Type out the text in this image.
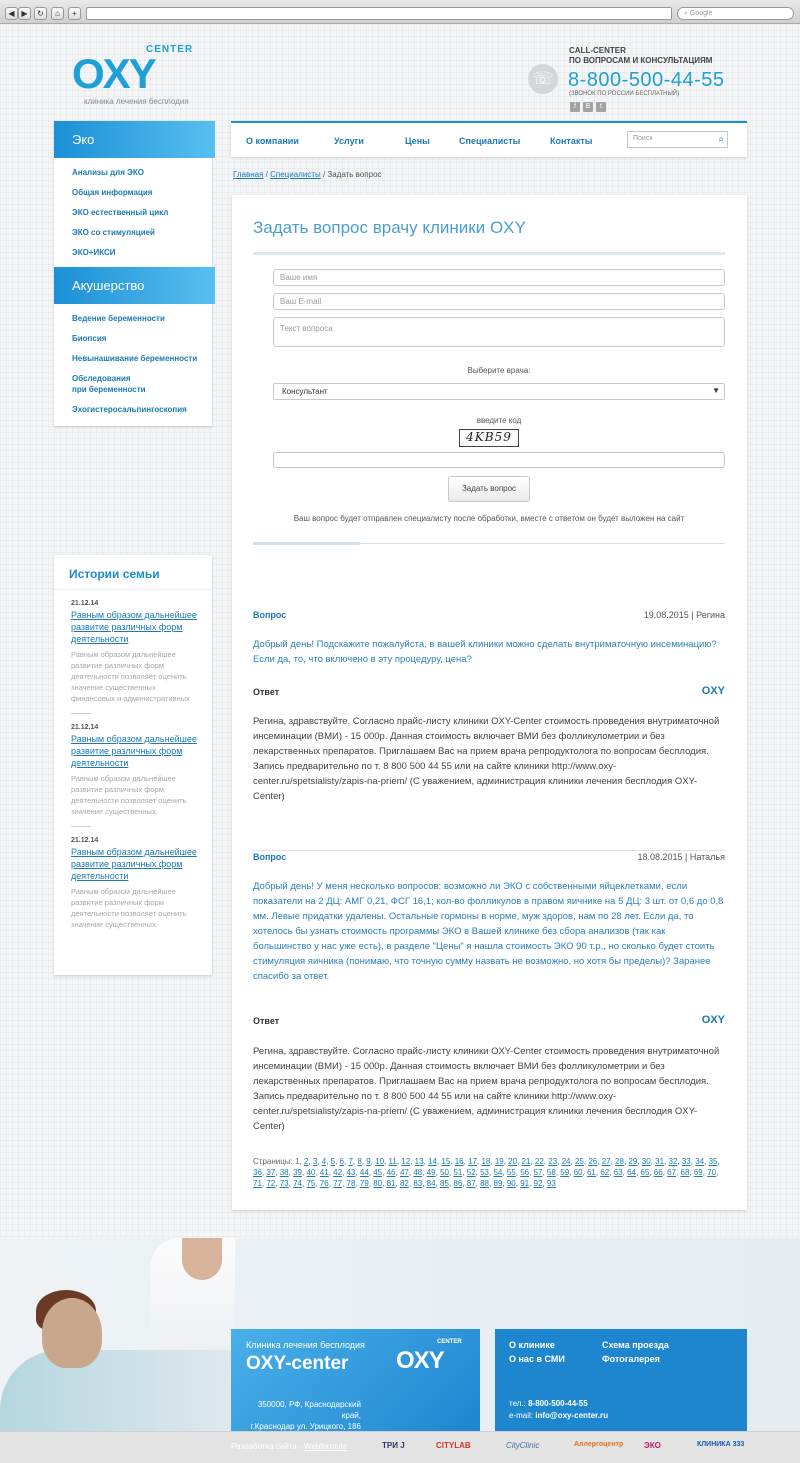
◀ ▶	↻	⌂	+	⌕ Google
OXY
CENTER
клиника лечения бесплодия
☏
CALL-CENTER
ПО ВОПРОСАМ И КОНСУЛЬТАЦИЯМ
8-800-500-44-55
(ЗВОНОК ПО РОССИИ БЕСПЛАТНЫЙ)
f	В	t
О компании	Услуги	Цены	Специалисты	Контакты	Поиск	⌕
Главная / Специалисты / Задать вопрос
Эко
Анализы для ЭКО
Общая информация
ЭКО естественный цикл
ЭКО со стимуляцией
ЭКО+ИКСИ
Акушерство
Ведение беременности
Биопсия
Невынашивание беременности
Обследования
при беременности
Эхогистеросальпингоскопия
Истории семьи
21.12.14
Равным образом дальнейшее развитие различных форм деятельности
Равным образом дальнейшее развитие различных форм деятельности позволяет оценить значение существенных финансовых и административных
21.12.14
Равным образом дальнейшее развитие различных форм деятельности
Равным образом дальнейшее развитие различных форм деятельности позволяет оценить значение существенных.
21.12.14
Равным образом дальнейшее развитие различных форм деятельности
Равным образом дальнейшее развитие различных форм деятельности позволяет оценить значение существенных.
Задать вопрос врачу клиники OXY
Ваше имя
Ваш E-mail
Текст вопроса
Выберите врача:
Консультант	▼
введите код
4KB59
Задать вопрос
Ваш вопрос будет отправлен специалисту после обработки, вместе с ответом он будет выложен на сайт
Вопрос	19.08.2015 | Регина
Добрый день! Подскажите пожалуйста, в вашей клиники можно сделать внутриматочную инсеминацию? Если да, то, что включено в эту процедуру, цена?
Ответ	OXY
Регина, здравствуйте. Согласно прайс-листу клиники OXY-Center стоимость проведения внутриматочной инсеминации (ВМИ) - 15 000р. Данная стоимость включает ВМИ без фолликулометрии и без лекарственных препаратов. Приглашаем Вас на прием врача репродуктолога по вопросам бесплодия. Запись предварительно по т. 8 800 500 44 55 или на сайте клиники http://www.oxy-center.ru/spetsialisty/zapis-na-priem/ (С уважением, администрация клиники лечения бесплодия OXY-Center)
Вопрос	18.08.2015 | Наталья
Добрый день! У меня несколько вопросов: возможно ли ЭКО с собственными яйцеклетками, если показатели на 2 ДЦ: АМГ 0,21, ФСГ 16,1; кол-во фолликулов в правом яичнике на 5 ДЦ: 3 шт. от 0,6 до 0,8 мм. Левые придатки удалены. Остальные гормоны в норме, муж здоров, нам по 28 лет. Если да, то хотелось бы узнать стоимость программы ЭКО в Вашей клинике без сбора анализов (так как большинство у нас уже есть), в разделе "Цены" я нашла стоимость ЭКО 90 т.р., но сколько будет стоить стимуляция яичника (понимаю, что точную сумму назвать не возможно, но хотя бы пределы)? Заранее спасибо за ответ.
Ответ	OXY
Регина, здравствуйте. Согласно прайс-листу клиники OXY-Center стоимость проведения внутриматочной инсеминации (ВМИ) - 15 000р. Данная стоимость включает ВМИ без фолликулометрии и без лекарственных препаратов. Приглашаем Вас на прием врача репродуктолога по вопросам бесплодия. Запись предварительно по т. 8 800 500 44 55 или на сайте клиники http://www.oxy-center.ru/spetsialisty/zapis-na-priem/ (С уважением, администрация клиники лечения бесплодия OXY-Center)
Страницы: 1, 2, 3, 4, 5, 6, 7, 8, 9, 10, 11, 12, 13, 14, 15, 16, 17, 18, 19, 20, 21, 22, 23, 24, 25, 26, 27, 28, 29, 30, 31, 32, 33, 34, 35, 36, 37, 38, 39, 40, 41, 42, 43, 44, 45, 46, 47, 48, 49, 50, 51, 52, 53, 54, 55, 56, 57, 58, 59, 60, 61, 62, 63, 64, 65, 66, 67, 68, 69, 70, 71, 72, 73, 74, 75, 76, 77, 78, 79, 80, 81, 82, 83, 84, 85, 86, 87, 88, 89, 90, 91, 92, 93
Клиника лечения бесплодия
OXY-center OXY
CENTER
350000, РФ, Краснодарский край,
г.Краснодар ул. Урицкого, 186
О клинике	Схема проезда
О нас в СМИ	Фотогалерея
тел.: 8-800-500-44-55
e-mail: info@oxy-center.ru
Разработка сайта - Webformula	ТРИ J	CITYLAB	CityClinic	Аллергоцентр	ЭКО	КЛИНИКА 333
